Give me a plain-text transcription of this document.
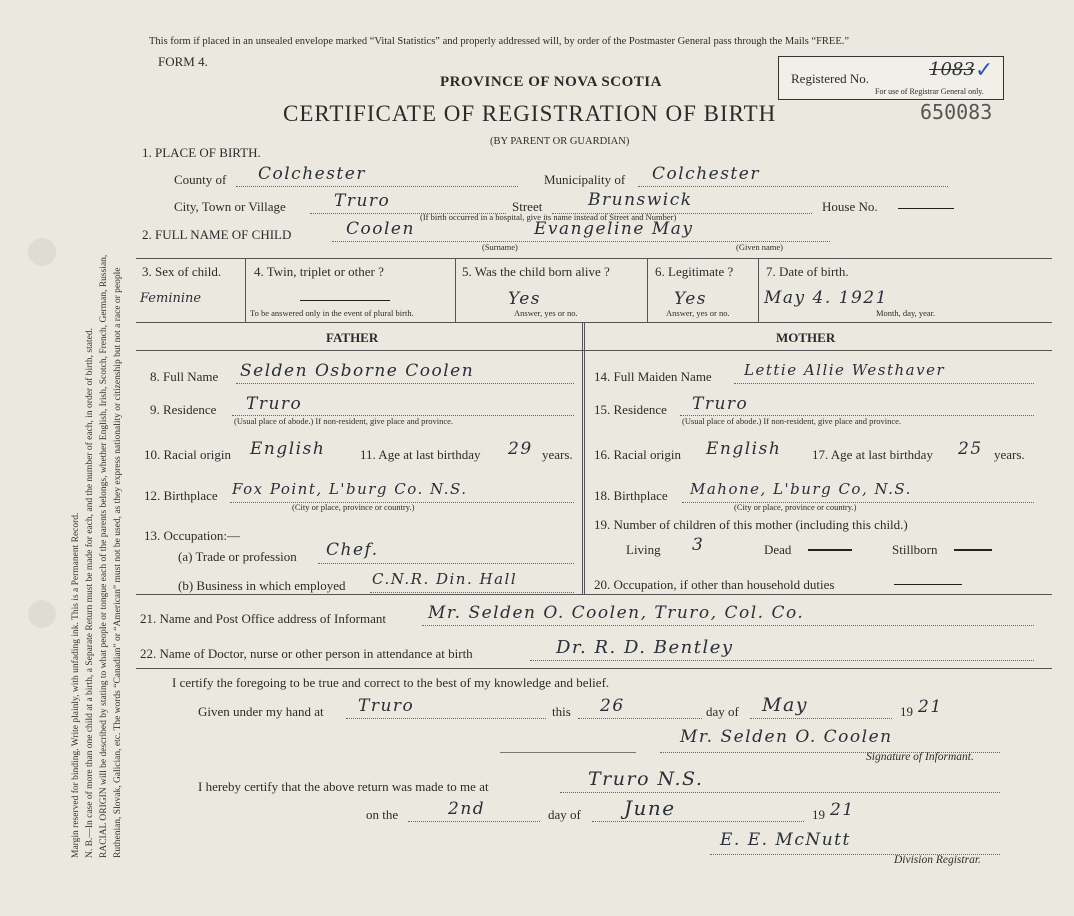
Margin reserved for binding. Write plainly, with unfading ink. This is a Permanent Record. N. B.—In case of more than one child at a birth, a Separate Return must be made for each, and the number of each, in order of birth, stated. RACIAL ORIGIN will be described by stating to what people or tongue each of the parents belongs, whether English, Irish, Scotch, French, German, Russian, Ruthenian, Slovak, Galician, etc. The words “Canadian” or “American” must not be used, as they express nationality or citizenship but not a race or people
This form if placed in an unsealed envelope marked “Vital Statistics” and properly addressed will, by order of the Postmaster General pass through the Mails “FREE.”
FORM 4.
PROVINCE OF NOVA SCOTIA
CERTIFICATE OF REGISTRATION OF BIRTH
(BY PARENT OR GUARDIAN)
Registered No.	1083 ✓
For use of Registrar General only.
650083
1. PLACE OF BIRTH.
County of Colchester	Municipality of Colchester
City, Town or Village	Truro	Street	Brunswick	House No.
(If birth occurred in a hospital, give its name instead of Street and Number)
2. FULL NAME OF CHILD	Coolen	Evangeline May
(Surname)	(Given name)
3. Sex of child.
Feminine
4. Twin, triplet or other ?
To be answered only in the event of plural birth.
5. Was the child born alive ?
Yes
Answer, yes or no.
6. Legitimate ?
Yes
Answer, yes or no.
7. Date of birth.
May 4. 1921
Month, day, year.
FATHER	MOTHER
8. Full Name Selden Osborne Coolen
9. Residence Truro
(Usual place of abode.) If non-resident, give place and province.
10. Racial origin English	11. Age at last birthday 29 years.
12. Birthplace Fox Point, L'burg Co. N.S.
(City or place, province or country.)
13. Occupation:—
(a) Trade or profession Chef.
(b) Business in which employed C.N.R. Din. Hall
14. Full Maiden Name Lettie Allie Westhaver
15. Residence Truro
(Usual place of abode.) If non-resident, give place and province.
16. Racial origin English 17. Age at last birthday 25 years.
18. Birthplace Mahone, L'burg Co, N.S.
(City or place, province or country.)
19. Number of children of this mother (including this child.)
Living 3	Dead	Stillborn
20. Occupation, if other than household duties
21. Name and Post Office address of Informant Mr. Selden O. Coolen, Truro, Col. Co.
22. Name of Doctor, nurse or other person in attendance at birth	Dr. R. D. Bentley
I certify the foregoing to be true and correct to the best of my knowledge and belief.
Given under my hand at Truro	this 26	day of May	19 21
Mr. Selden O. Coolen
Signature of Informant.
I hereby certify that the above return was made to me at	Truro N.S.
on the	2nd	day of June	19 21
E. E. McNutt
Division Registrar.
